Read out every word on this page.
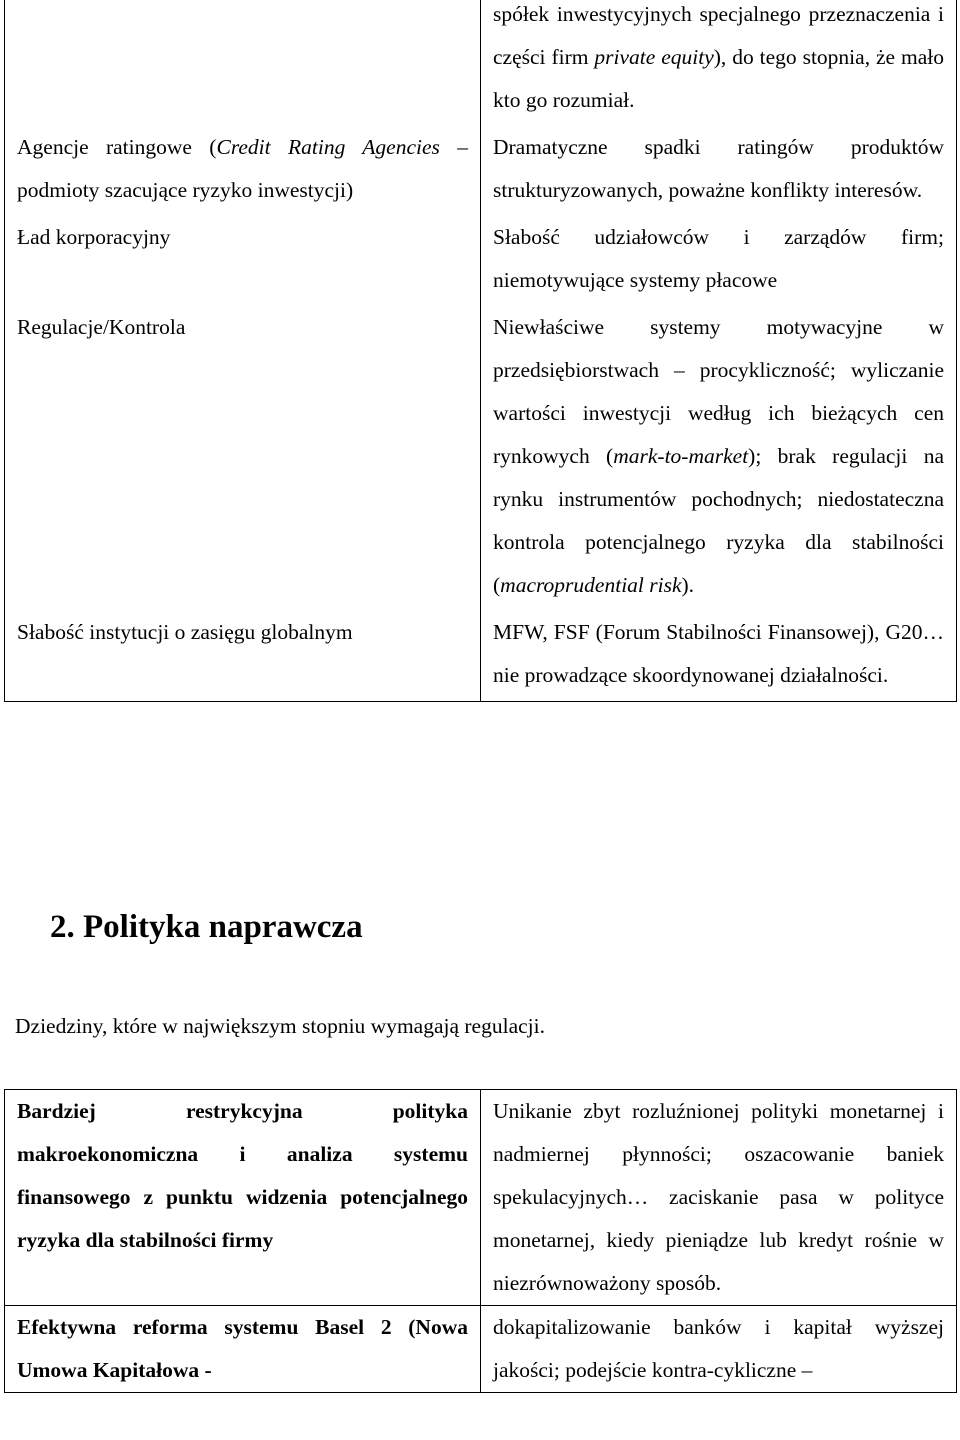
	spółek inwestycyjnych specjalnego przeznaczenia i części firm private equity), do tego stopnia, że mało kto go rozumiał.
Agencje ratingowe (Credit Rating Agencies – podmioty szacujące ryzyko inwestycji)	Dramatyczne spadki ratingów produktów strukturyzowanych, poważne konflikty interesów.
Ład korporacyjny	Słabość udziałowców i zarządów firm; niemotywujące systemy płacowe
Regulacje/Kontrola	Niewłaściwe systemy motywacyjne w przedsiębiorstwach – procykliczność; wyliczanie wartości inwestycji według ich bieżących cen rynkowych (mark-to-market); brak regulacji na rynku instrumentów pochodnych; niedostateczna kontrola potencjalnego ryzyka dla stabilności (macroprudential risk).
Słabość instytucji o zasięgu globalnym	MFW, FSF (Forum Stabilności Finansowej), G20… nie prowadzące skoordynowanej działalności.
2. Polityka naprawcza

Dziedziny, które w największym stopniu wymagają regulacji.

Bardziej restrykcyjna polityka makroekonomiczna i analiza systemu finansowego z punktu widzenia potencjalnego ryzyka dla stabilności firmy	Unikanie zbyt rozluźnionej polityki monetarnej i nadmiernej płynności; oszacowanie baniek spekulacyjnych… zaciskanie pasa w polityce monetarnej, kiedy pieniądze lub kredyt rośnie w niezrównoważony sposób.
Efektywna reforma systemu Basel 2 (Nowa Umowa Kapitałowa -	dokapitalizowanie banków i kapitał wyższej jakości; podejście kontra-cykliczne –
